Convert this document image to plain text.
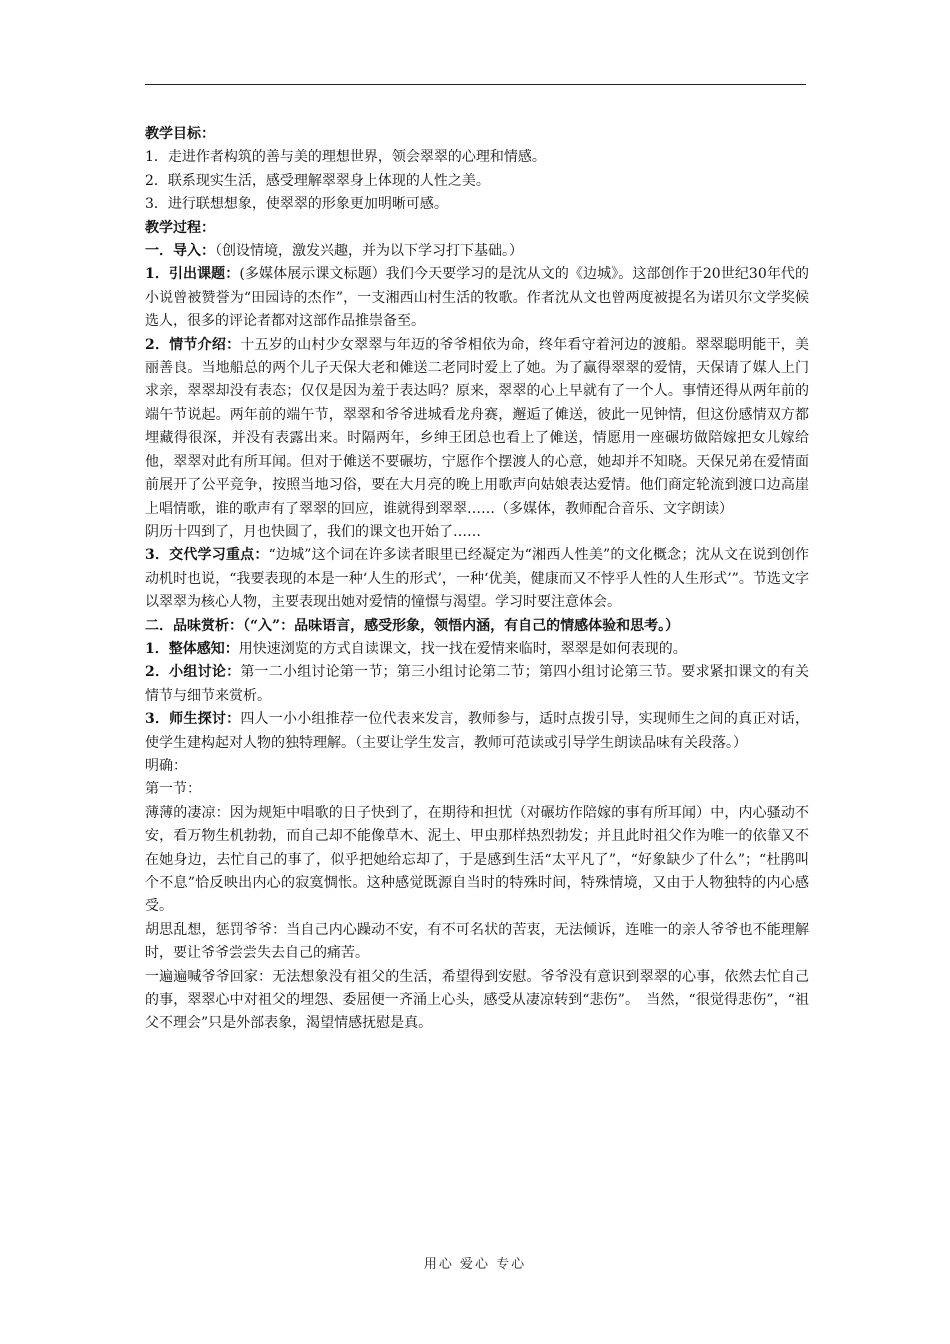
教学目标：

1．走进作者构筑的善与美的理想世界，领会翠翠的心理和情感。

2．联系现实生活，感受理解翠翠身上体现的人性之美。

3．进行联想想象，使翠翠的形象更加明晰可感。

教学过程：

一．导入：（创设情境，激发兴趣，并为以下学习打下基础。）

1．引出课题：(多媒体展示课文标题）我们今天要学习的是沈从文的《边城》。这部创作于20世纪30年代的小说曾被赞誉为“田园诗的杰作”，一支湘西山村生活的牧歌。作者沈从文也曾两度被提名为诺贝尔文学奖候选人，很多的评论者都对这部作品推崇备至。

2．情节介绍：十五岁的山村少女翠翠与年迈的爷爷相依为命，终年看守着河边的渡船。翠翠聪明能干，美丽善良。当地船总的两个儿子天保大老和傩送二老同时爱上了她。为了赢得翠翠的爱情，天保请了媒人上门求亲，翠翠却没有表态；仅仅是因为羞于表达吗？原来，翠翠的心上早就有了一个人。事情还得从两年前的端午节说起。两年前的端午节，翠翠和爷爷进城看龙舟赛，邂逅了傩送，彼此一见钟情，但这份感情双方都埋藏得很深，并没有表露出来。时隔两年，乡绅王团总也看上了傩送，情愿用一座碾坊做陪嫁把女儿嫁给他，翠翠对此有所耳闻。但对于傩送不要碾坊，宁愿作个摆渡人的心意，她却并不知晓。天保兄弟在爱情面前展开了公平竞争，按照当地习俗，要在大月亮的晚上用歌声向姑娘表达爱情。他们商定轮流到渡口边高崖上唱情歌，谁的歌声有了翠翠的回应，谁就得到翠翠……（多媒体，教师配合音乐、文字朗读）

阴历十四到了，月也快圆了，我们的课文也开始了……

3．交代学习重点：“边城”这个词在许多读者眼里已经凝定为“湘西人性美”的文化概念；沈从文在说到创作动机时也说，“我要表现的本是一种‘人生的形式’，一种‘优美，健康而又不悖乎人性的人生形式’”。节选文字以翠翠为核心人物，主要表现出她对爱情的憧憬与渴望。学习时要注意体会。

二．品味赏析：（“入”：品味语言，感受形象，领悟内涵，有自己的情感体验和思考。）

1．整体感知：用快速浏览的方式自读课文，找一找在爱情来临时，翠翠是如何表现的。

2．小组讨论：第一二小组讨论第一节；第三小组讨论第二节；第四小组讨论第三节。要求紧扣课文的有关情节与细节来赏析。

3．师生探讨：四人一小小组推荐一位代表来发言，教师参与，适时点拨引导，实现师生之间的真正对话，使学生建构起对人物的独特理解。（主要让学生发言，教师可范读或引导学生朗读品味有关段落。）

明确：

第一节：

薄薄的凄凉：因为规矩中唱歌的日子快到了，在期待和担忧（对碾坊作陪嫁的事有所耳闻）中，内心骚动不安，看万物生机勃勃，而自己却不能像草木、泥土、甲虫那样热烈勃发；并且此时祖父作为唯一的依靠又不在她身边，去忙自己的事了，似乎把她给忘却了，于是感到生活“太平凡了”，“好象缺少了什么”；“杜鹃叫个不息”恰反映出内心的寂寞惆怅。这种感觉既源自当时的特殊时间，特殊情境，又由于人物独特的内心感受。

胡思乱想，惩罚爷爷：当自己内心躁动不安，有不可名状的苦衷，无法倾诉，连唯一的亲人爷爷也不能理解时，要让爷爷尝尝失去自己的痛苦。

一遍遍喊爷爷回家：无法想象没有祖父的生活，希望得到安慰。爷爷没有意识到翠翠的心事，依然去忙自己的事，翠翠心中对祖父的埋怨、委屈便一齐涌上心头，感受从凄凉转到“悲伤”。　当然，“很觉得悲伤”，“祖父不理会”只是外部表象，渴望情感抚慰是真。

用心 爱心 专心
